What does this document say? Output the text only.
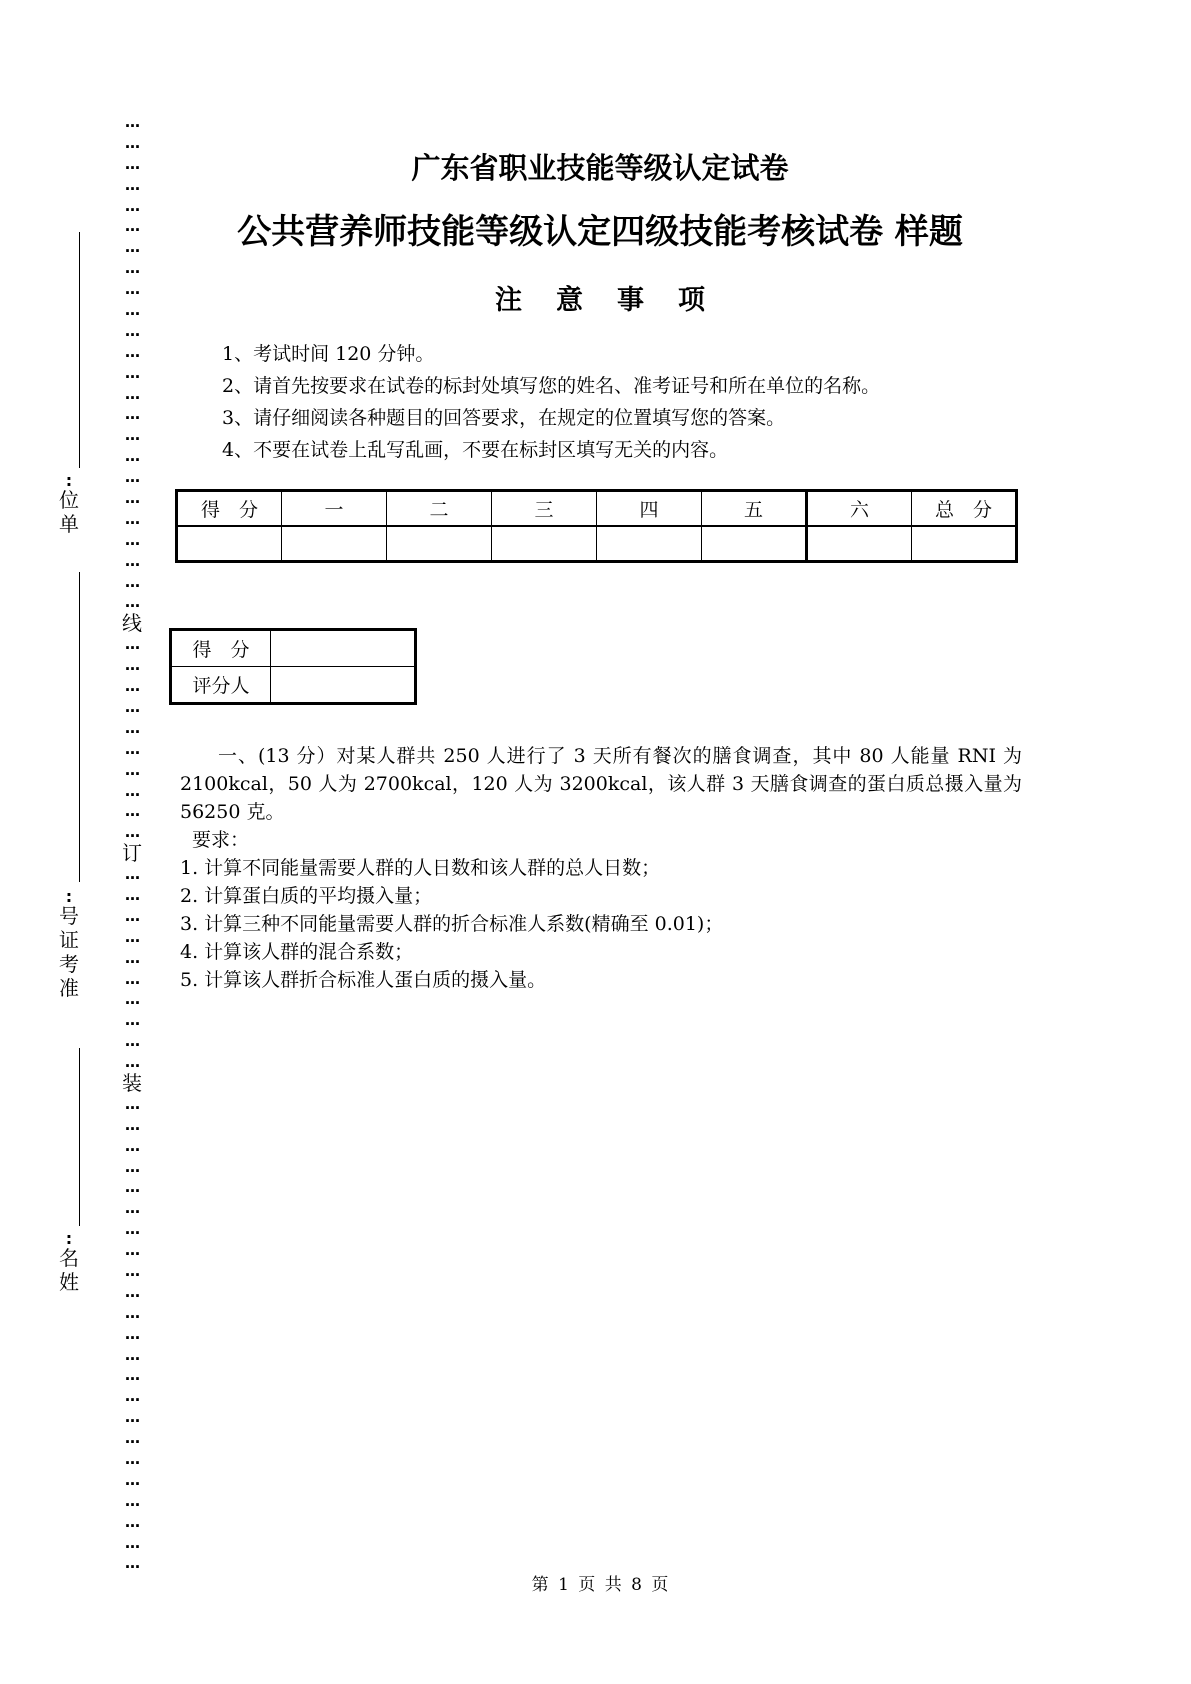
:
位单
:
号证考准
:
名姓
…
…
…
…
…
…
…
…
…
…
…
…
…
…
…
…
…
…
…
…
…
…
…
…
线
…
…
…
…
…
…
…
…
…
…
订
…
…
…
…
…
…
…
…
…
…
装
…
…
…
…
…
…
…
…
…
…
…
…
…
…
…
…
…
…
…
…
…
…
…
广东省职业技能等级认定试卷
公共营养师技能等级认定四级技能考核试卷 样题
注意事项
1、考试时间 120 分钟。
2、请首先按要求在试卷的标封处填写您的姓名、准考证号和所在单位的名称。
3、请仔细阅读各种题目的回答要求，在规定的位置填写您的答案。
4、不要在试卷上乱写乱画，不要在标封区填写无关的内容。
得　分	一	二	三	四	五	六	总　分

得　分	
评分人	

一、(13 分）对某人群共 250 人进行了 3 天所有餐次的膳食调查，其中 80 人能量 RNI 为 2100kcal，50 人为 2700kcal，120 人为 3200kcal，该人群 3 天膳食调查的蛋白质总摄入量为 56250 克。

要求：

1. 计算不同能量需要人群的人日数和该人群的总人日数；

2. 计算蛋白质的平均摄入量；

3. 计算三种不同能量需要人群的折合标准人系数(精确至 0.01)；

4. 计算该人群的混合系数；

5. 计算该人群折合标准人蛋白质的摄入量。

第 1 页 共 8 页
